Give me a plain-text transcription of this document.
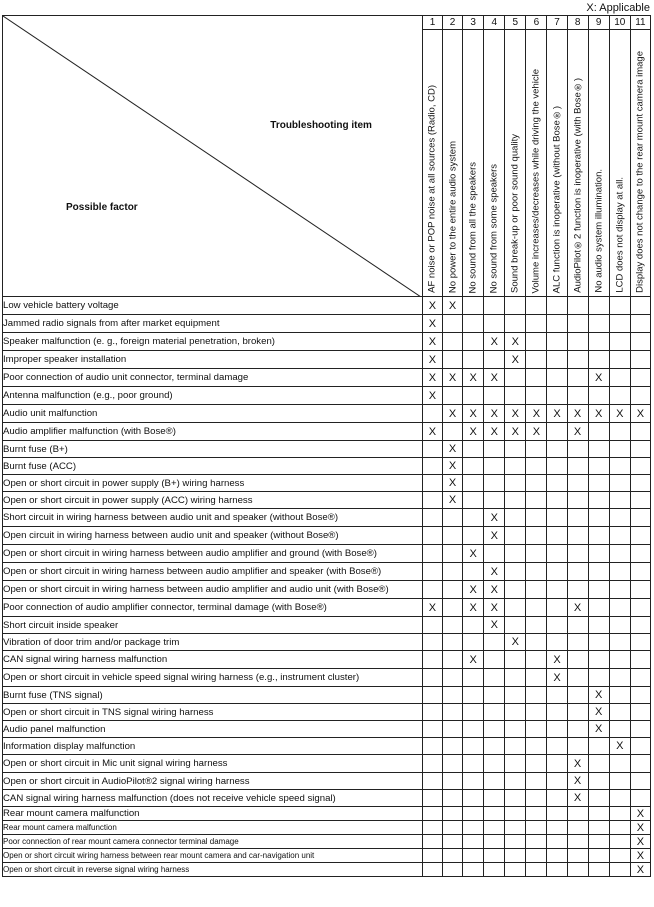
X: Applicable
Troubleshooting item
Possible factor	1	2	3	4	5	6	7	8	9	10	11

	AF noise or POP noise at all sources (Radio, CD)	No power to the entire audio system	No sound from all the speakers	No sound from some speakers	Sound break-up or poor sound quality	Volume increases/decreases while driving the vehicle	ALC function is inoperative (without Bose®)	AudioPilot®2 function is inoperative (with Bose®)	No audio system illumination.	LCD does not display at all.	Display does not change to the rear mount camera image

Low vehicle battery voltage	X	X									
Jammed radio signals from after market equipment	X										
Speaker malfunction (e. g., foreign material penetration, broken)	X			X	X						
Improper speaker installation	X				X						
Poor connection of audio unit connector, terminal damage	X	X	X	X					X		
Antenna malfunction (e.g., poor ground)	X										
Audio unit malfunction		X	X	X	X	X	X	X	X	X	X
Audio amplifier malfunction (with Bose®)	X		X	X	X	X		X			
Burnt fuse (B+)		X									
Burnt fuse (ACC)		X									
Open or short circuit in power supply (B+) wiring harness		X									
Open or short circuit in power supply (ACC) wiring harness		X									
Short circuit in wiring harness between audio unit and speaker (without Bose®)				X							
Open circuit in wiring harness between audio unit and speaker (without Bose®)				X							
Open or short circuit in wiring harness between audio amplifier and ground (with Bose®)			X								
Open or short circuit in wiring harness between audio amplifier and speaker (with Bose®)				X							
Open or short circuit in wiring harness between audio amplifier and audio unit (with Bose®)			X	X							
Poor connection of audio amplifier connector, terminal damage (with Bose®)	X		X	X				X			
Short circuit inside speaker				X							
Vibration of door trim and/or package trim					X						
CAN signal wiring harness malfunction			X				X				
Open or short circuit in vehicle speed signal wiring harness (e.g., instrument cluster)							X				
Burnt fuse (TNS signal)									X		
Open or short circuit in TNS signal wiring harness									X		
Audio panel malfunction									X		
Information display malfunction										X	
Open or short circuit in Mic unit signal wiring harness								X			
Open or short circuit in AudioPilot®2 signal wiring harness								X			
CAN signal wiring harness malfunction (does not receive vehicle speed signal)								X			
Rear mount camera malfunction											X
Rear mount camera malfunction											X
Poor connection of rear mount camera connector terminal damage											X
Open or short circuit wiring harness between rear mount camera and car-navigation unit											X
Open or short circuit in reverse signal wiring harness											X
